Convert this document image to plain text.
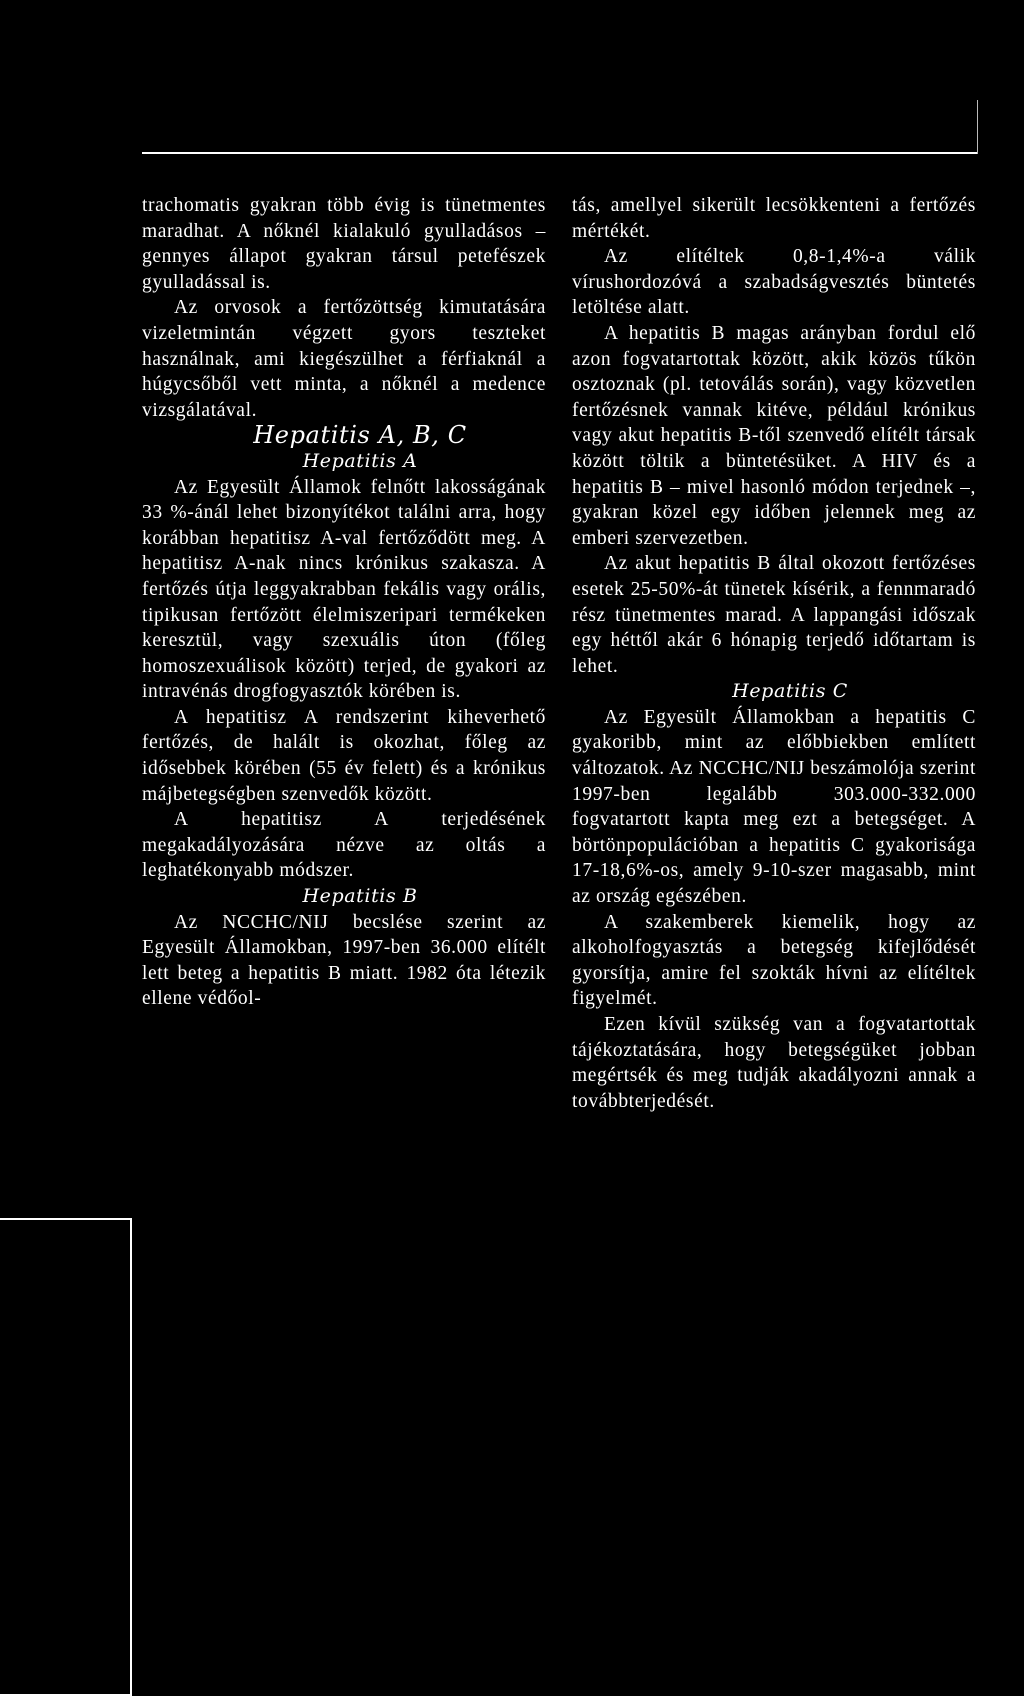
trachomatis gyakran több évig is tünetmentes maradhat. A nőknél kialakuló gyulladásos – gennyes állapot gyakran társul petefészek gyulladással is.

Az orvosok a fertőzöttség kimutatására vizeletmintán végzett gyors teszteket használnak, ami kiegészülhet a férfiaknál a húgycsőből vett minta, a nőknél a medence vizsgálatával.

Hepatitis A, B, C

Hepatitis A

Az Egyesült Államok felnőtt lakosságának 33 %-ánál lehet bizonyítékot találni arra, hogy korábban hepatitisz A-val fertőződött meg. A hepatitisz A-nak nincs krónikus szakasza. A fertőzés útja leggyakrabban fekális vagy orális, tipikusan fertőzött élelmiszeripari termékeken keresztül, vagy szexuális úton (főleg homoszexuálisok között) terjed, de gyakori az intravénás drogfogyasztók körében is.

A hepatitisz A rendszerint kiheverhető fertőzés, de halált is okozhat, főleg az idősebbek körében (55 év felett) és a krónikus májbetegségben szenvedők között.

A hepatitisz A terjedésének megakadályozására nézve az oltás a leghatékonyabb módszer.

Hepatitis B

Az NCCHC/NIJ becslése szerint az Egyesült Államokban, 1997-ben 36.000 elítélt lett beteg a hepatitis B miatt. 1982 óta létezik ellene védőol-

tás, amellyel sikerült lecsökkenteni a fertőzés mértékét.

Az elítéltek 0,8-1,4%-a válik vírushordozóvá a szabadságvesztés büntetés letöltése alatt.

A hepatitis B magas arányban fordul elő azon fogvatartottak között, akik közös tűkön osztoznak (pl. tetoválás során), vagy közvetlen fertőzésnek vannak kitéve, például krónikus vagy akut hepatitis B-től szenvedő elítélt társak között töltik a büntetésüket. A HIV és a hepatitis B – mivel hasonló módon terjednek –, gyakran közel egy időben jelennek meg az emberi szervezetben.

Az akut hepatitis B által okozott fertőzéses esetek 25-50%-át tünetek kísérik, a fennmaradó rész tünetmentes marad. A lappangási időszak egy héttől akár 6 hónapig terjedő időtartam is lehet.

Hepatitis C

Az Egyesült Államokban a hepatitis C gyakoribb, mint az előbbiekben említett változatok. Az NCCHC/NIJ beszámolója szerint 1997-ben legalább 303.000-332.000 fogvatartott kapta meg ezt a betegséget. A börtönpopulációban a hepatitis C gyakorisága 17-18,6%-os, amely 9-10-szer magasabb, mint az ország egészében.

A szakemberek kiemelik, hogy az alkoholfogyasztás a betegség kifejlődését gyorsítja, amire fel szokták hívni az elítéltek figyelmét.

Ezen kívül szükség van a fogvatartottak tájékoztatására, hogy betegségüket jobban megértsék és meg tudják akadályozni annak a továbbterjedését.
